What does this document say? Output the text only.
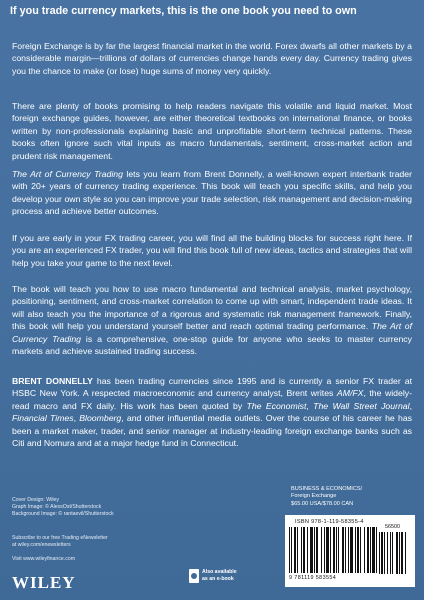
If you trade currency markets, this is the one book you need to own

Foreign Exchange is by far the largest financial market in the world. Forex dwarfs all other markets by a considerable margin—trillions of dollars of currencies change hands every day. Currency trading gives you the chance to make (or lose) huge sums of money very quickly.

There are plenty of books promising to help readers navigate this volatile and liquid market. Most foreign exchange guides, however, are either theoretical textbooks on international finance, or books written by non-professionals explaining basic and unprofitable short-term technical patterns. These books often ignore such vital inputs as macro fundamentals, sentiment, cross-market action and prudent risk management.

The Art of Currency Trading lets you learn from Brent Donnelly, a well-known expert interbank trader with 20+ years of currency trading experience. This book will teach you specific skills, and help you develop your own style so you can improve your trade selection, risk management and decision-making process and achieve better outcomes.

If you are early in your FX trading career, you will find all the building blocks for success right here. If you are an experienced FX trader, you will find this book full of new ideas, tactics and strategies that will help you take your game to the next level.

The book will teach you how to use macro fundamental and technical analysis, market psychology, positioning, sentiment, and cross-market correlation to come up with smart, independent trade ideas. It will also teach you the importance of a rigorous and systematic risk management framework. Finally, this book will help you understand yourself better and reach optimal trading performance. The Art of Currency Trading is a comprehensive, one-stop guide for anyone who seeks to master currency markets and achieve sustained trading success.

BRENT DONNELLY has been trading currencies since 1995 and is currently a senior FX trader at HSBC New York. A respected macroeconomic and currency analyst, Brent writes AM/FX, the widely-read macro and FX daily. His work has been quoted by The Economist, The Wall Street Journal, Financial Times, Bloomberg, and other influential media outlets. Over the course of his career he has been a market maker, trader, and senior manager at industry-leading foreign exchange banks such as Citi and Nomura and at a major hedge fund in Connecticut.

Cover Design: Wiley
Graph Image: © AlexsOst/Shutterstock
Background Image: © rantaevil/Shutterstock
Subscribe to our free Trading eNewsletter
at wiley.com/enewsletters
Visit www.wileyfinance.com
WILEY
Also available
as an e-book
BUSINESS & ECONOMICS/
Foreign Exchange
$65.00 USA/$78.00 CAN
ISBN 978-1-119-58355-4
56500
9 781119 583554
